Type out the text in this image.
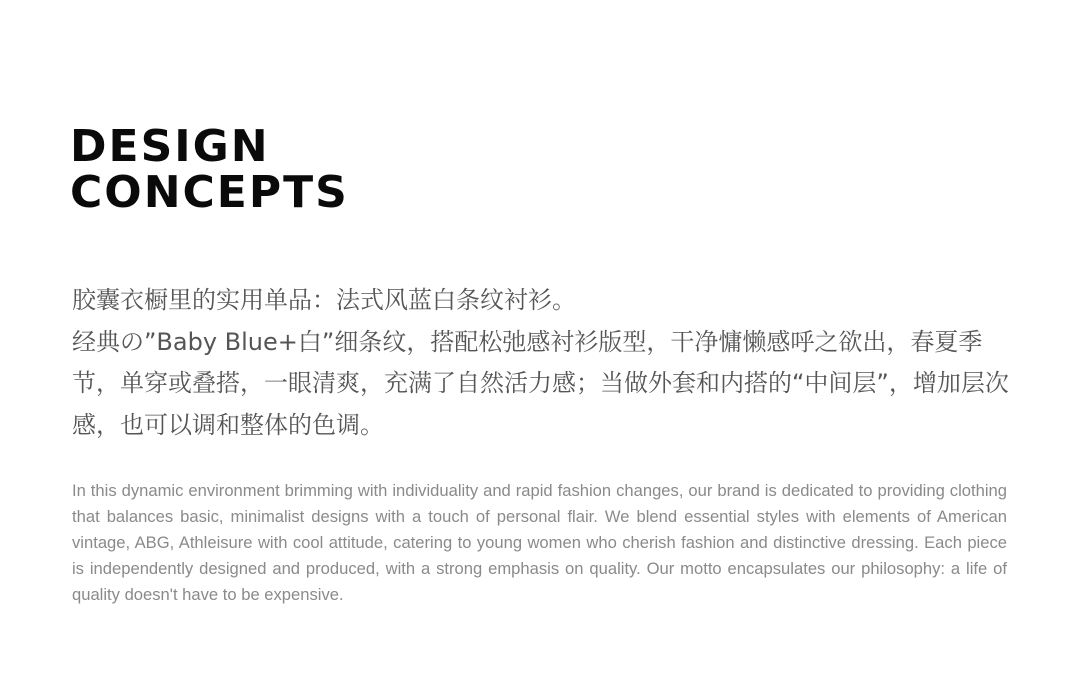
DESIGN
CONCEPTS

胶囊衣橱里的实用单品：法式风蓝白条纹衬衫。

经典の”Baby Blue+白”细条纹，搭配松弛感衬衫版型，干净慵懒感呼之欲出，春夏季节，单穿或叠搭，一眼清爽，充满了自然活力感；当做外套和内搭的“中间层”，增加层次感，也可以调和整体的色调。

In this dynamic environment brimming with individuality and rapid fashion changes, our brand is dedicated to providing clothing that balances basic, minimalist designs with a touch of personal flair. We blend essential styles with elements of American vintage, ABG, Athleisure with cool attitude, catering to young women who cherish fashion and distinctive dressing. Each piece is independently designed and produced, with a strong emphasis on quality. Our motto encapsulates our philosophy: a life of quality doesn't have to be expensive.
